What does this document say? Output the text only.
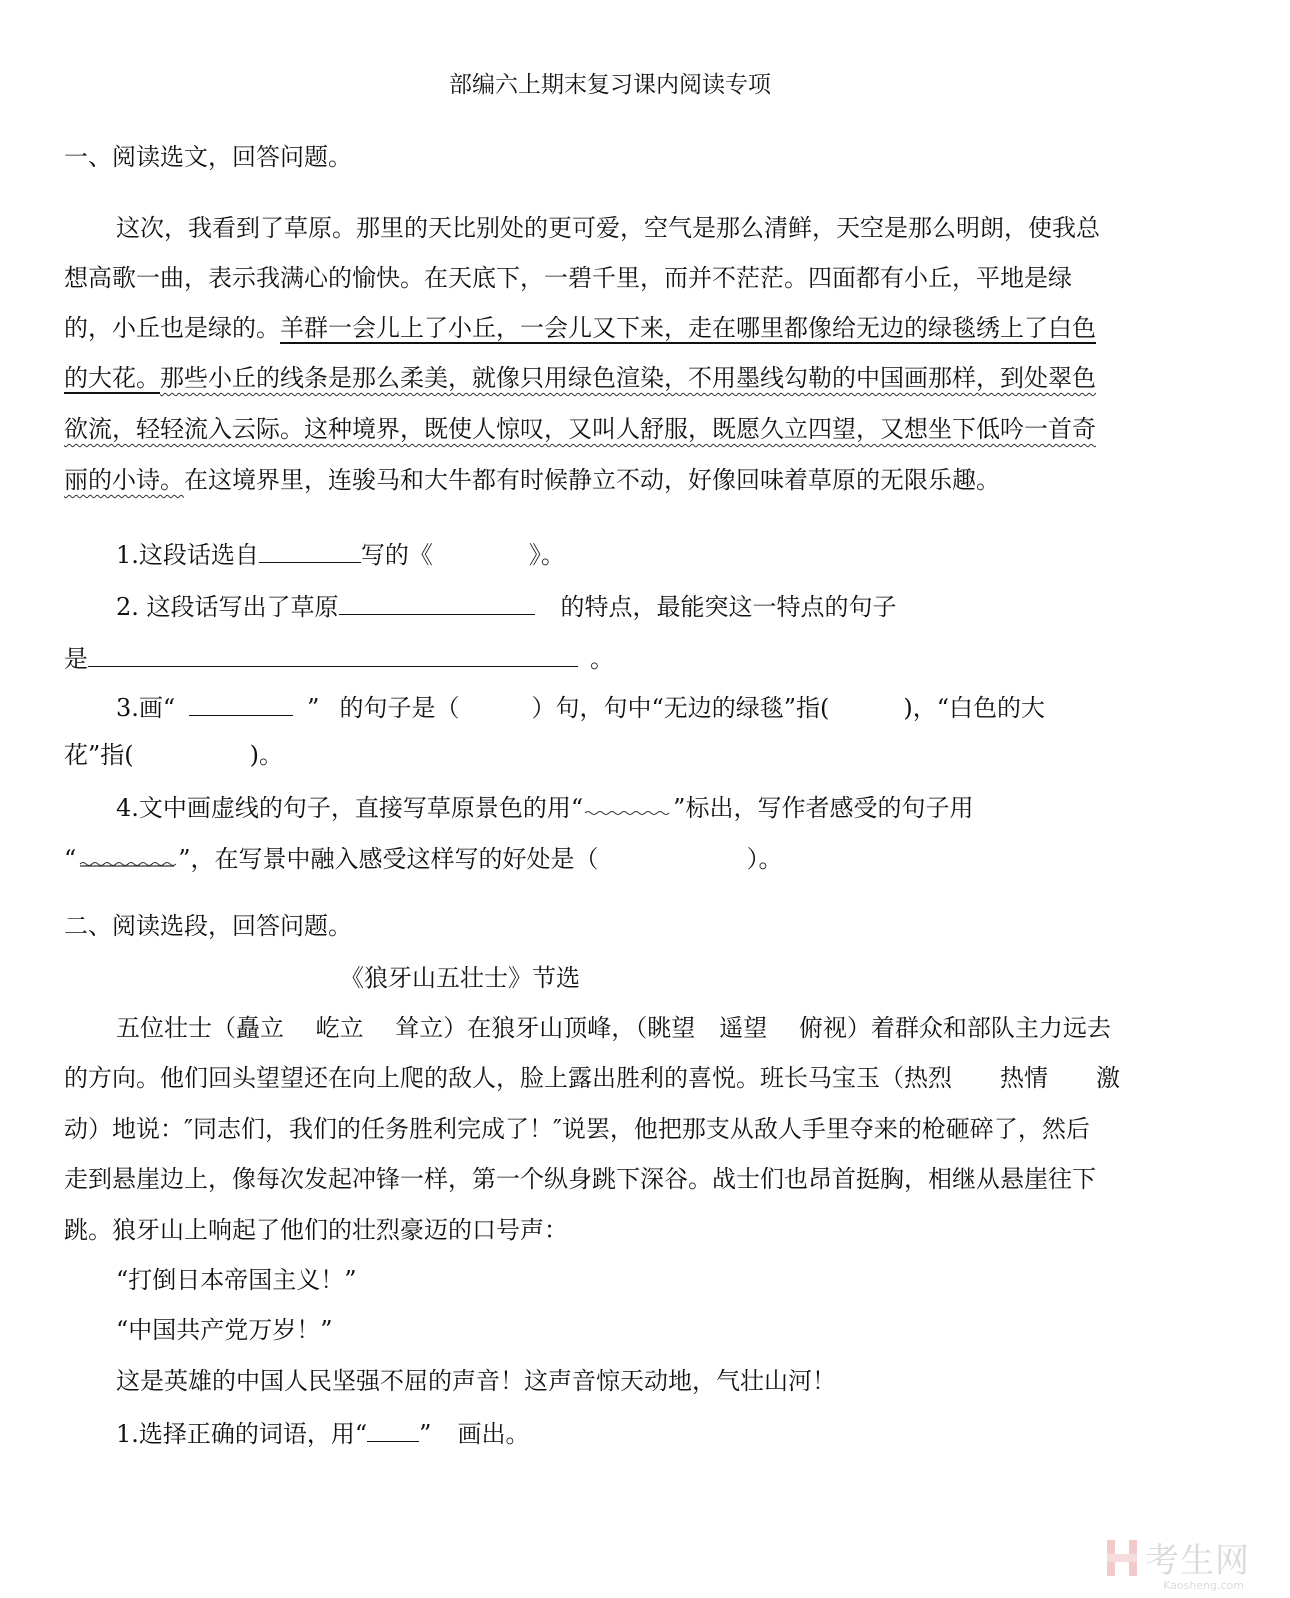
部编六上期末复习课内阅读专项
一、阅读选文，回答问题。
这次，我看到了草原。那里的天比别处的更可爱，空气是那么清鲜，天空是那么明朗，使我总
想高歌一曲，表示我满心的愉快。在天底下，一碧千里，而并不茫茫。四面都有小丘，平地是绿
的，小丘也是绿的。羊群一会儿上了小丘，一会儿又下来，走在哪里都像给无边的绿毯绣上了白色
的大花。那些小丘的线条是那么柔美，就像只用绿色渲染，不用墨线勾勒的中国画那样，到处翠色
欲流，轻轻流入云际。这种境界，既使人惊叹，又叫人舒服，既愿久立四望，又想坐下低吟一首奇
丽的小诗。在这境界里，连骏马和大牛都有时候静立不动，好像回味着草原的无限乐趣。
1.这段话选自	写的《	》。
2. 这段话写出了草原	的特点，最能突这一特点的句子
是	。
3.画“	” 的句子是（	）句，句中“无边的绿毯”指(	)，“白色的大
花”指(	)。
4.文中画虚线的句子，直接写草原景色的用“	”标出，写作者感受的句子用
“	”，在写景中融入感受这样写的好处是（	）。
二、阅读选段，回答问题。
《狼牙山五壮士》节选
五位壮士（矗立　 屹立　 耸立）在狼牙山顶峰，（眺望　遥望　 俯视）着群众和部队主力远去
的方向。他们回头望望还在向上爬的敌人，脸上露出胜利的喜悦。班长马宝玉（热烈　　热情　　激
动）地说：″同志们，我们的任务胜利完成了！″说罢，他把那支从敌人手里夺来的枪砸碎了，然后
走到悬崖边上，像每次发起冲锋一样，第一个纵身跳下深谷。战士们也昂首挺胸，相继从悬崖往下
跳。狼牙山上响起了他们的壮烈豪迈的口号声：
“打倒日本帝国主义！”
“中国共产党万岁！”
这是英雄的中国人民坚强不屈的声音！这声音惊天动地，气壮山河！
1.选择正确的词语，用“ ” 画出。
考生网
Kaosheng.com
